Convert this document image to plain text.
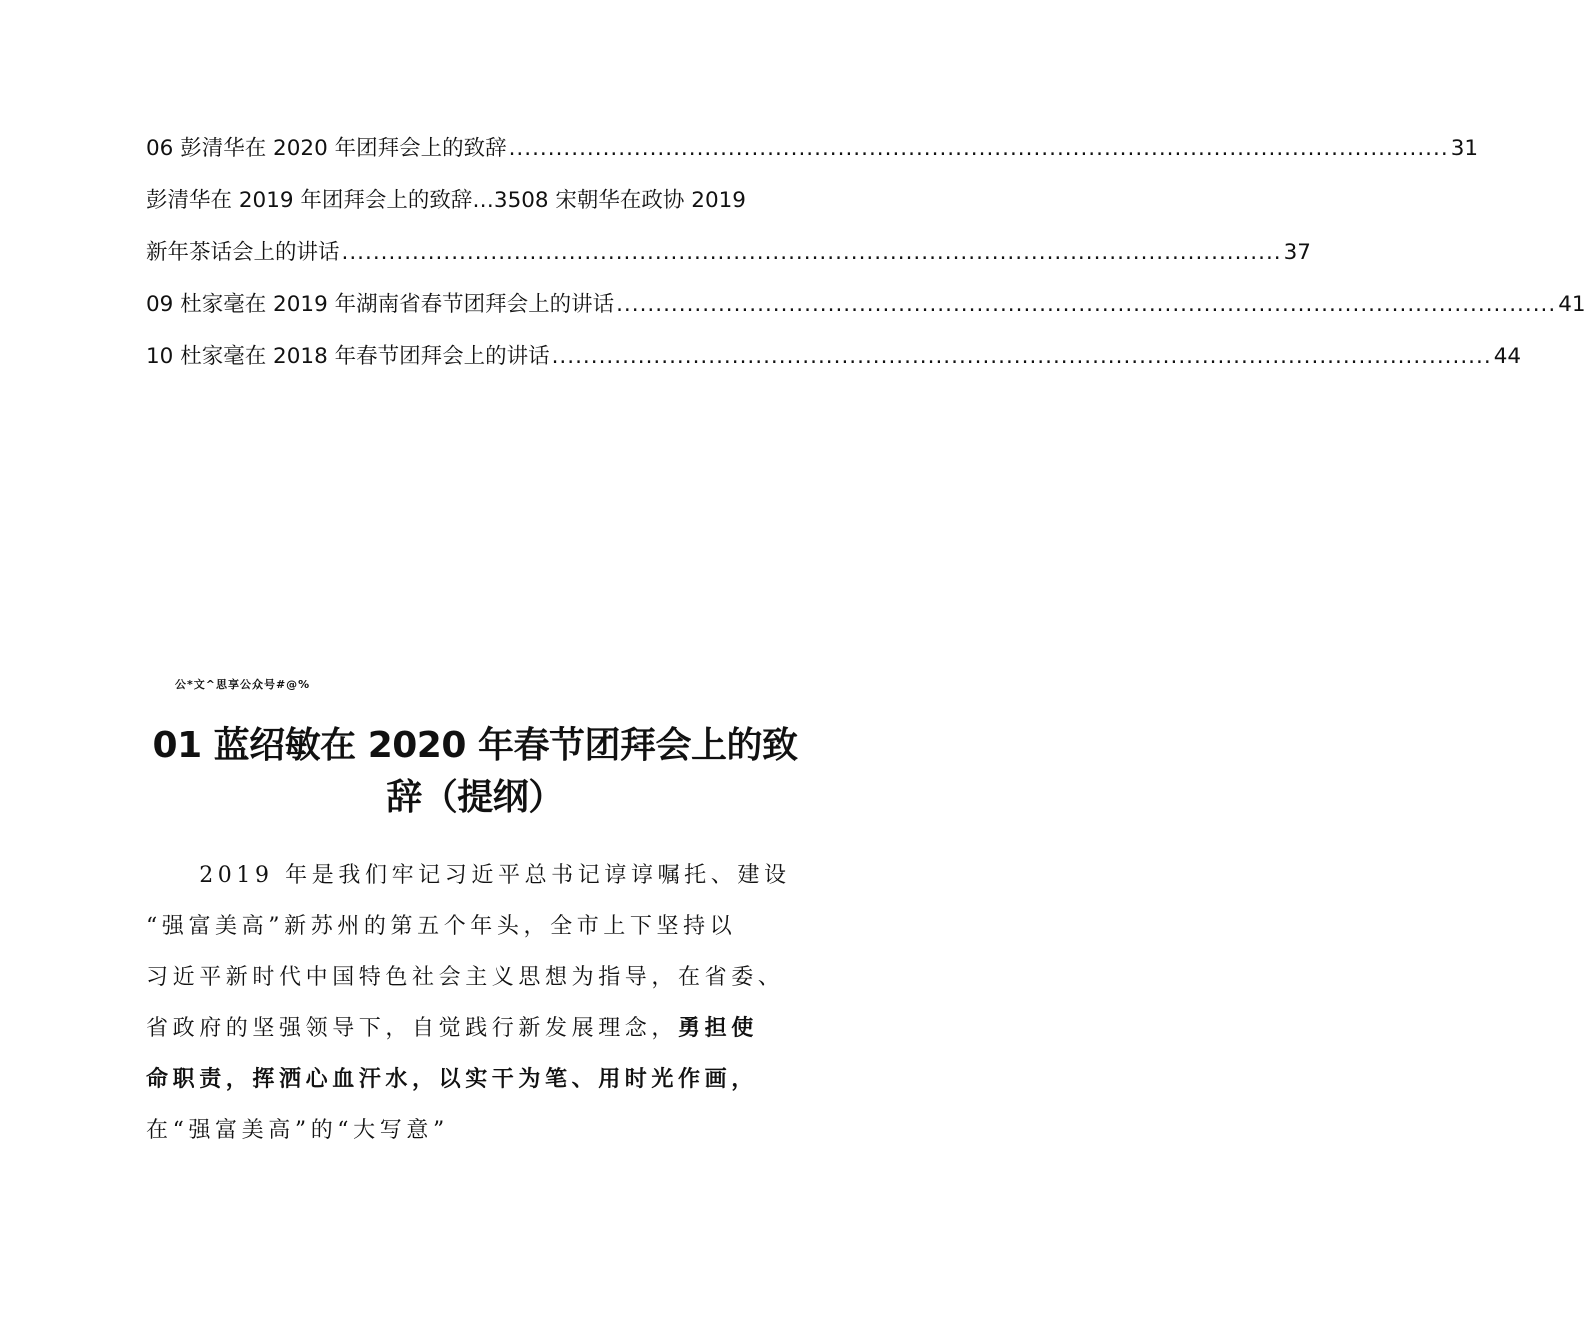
06 彭清华在 2020 年团拜会上的致辞 ........................................................................................................................ 31
彭清华在 2019 年团拜会上的致辞…3508 宋朝华在政协 2019
新年茶话会上的讲话 ........................................................................................................................ 37
09 杜家毫在 2019 年湖南省春节团拜会上的讲话 ........................................................................................................................ 41
10 杜家毫在 2018 年春节团拜会上的讲话 ........................................................................................................................ 44
公*文^思享公众号#@%
01 蓝绍敏在 2020 年春节团拜会上的致
辞（提纲）

　　2019 年是我们牢记习近平总书记谆谆嘱托、建设
“强富美高”新苏州的第五个年头，全市上下坚持以
习近平新时代中国特色社会主义思想为指导，在省委、
省政府的坚强领导下，自觉践行新发展理念，勇担使
命职责，挥洒心血汗水，以实干为笔、用时光作画，
在“强富美高”的“大写意”
